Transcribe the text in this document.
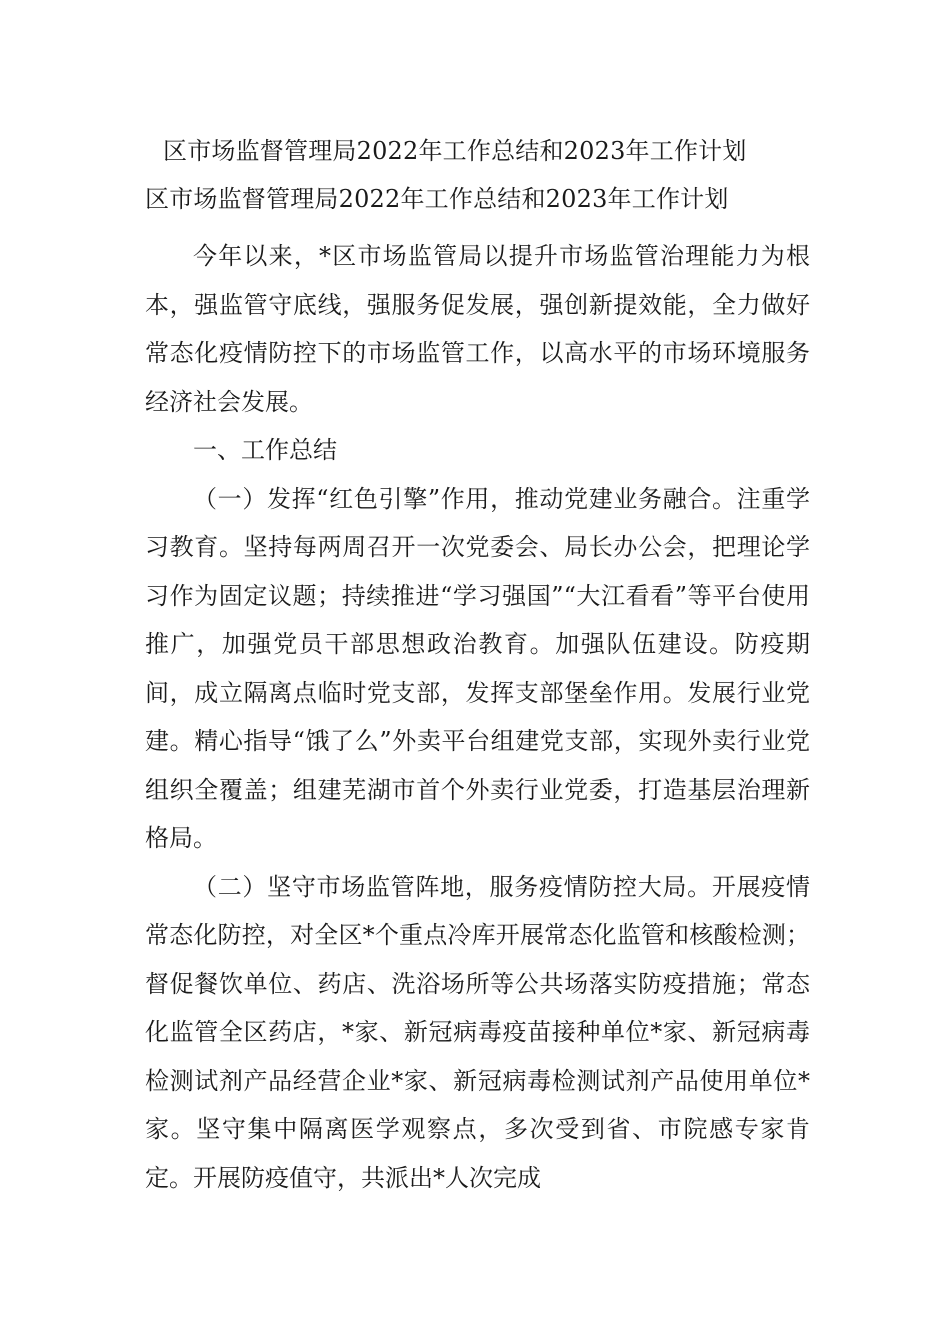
区市场监督管理局2022年工作总结和2023年工作计划
区市场监督管理局2022年工作总结和2023年工作计划

今年以来，*区市场监管局以提升市场监管治理能力为根本，强监管守底线，强服务促发展，强创新提效能，全力做好常态化疫情防控下的市场监管工作，以高水平的市场环境服务经济社会发展。

一、工作总结

（一）发挥“红色引擎”作用，推动党建业务融合。注重学习教育。坚持每两周召开一次党委会、局长办公会，把理论学习作为固定议题；持续推进“学习强国”“大江看看”等平台使用推广，加强党员干部思想政治教育。加强队伍建设。防疫期间，成立隔离点临时党支部，发挥支部堡垒作用。发展行业党建。精心指导“饿了么”外卖平台组建党支部，实现外卖行业党组织全覆盖；组建芜湖市首个外卖行业党委，打造基层治理新格局。

（二）坚守市场监管阵地，服务疫情防控大局。开展疫情常态化防控，对全区*个重点冷库开展常态化监管和核酸检测；督促餐饮单位、药店、洗浴场所等公共场落实防疫措施；常态化监管全区药店，*家、新冠病毒疫苗接种单位*家、新冠病毒检测试剂产品经营企业*家、新冠病毒检测试剂产品使用单位*家。坚守集中隔离医学观察点，多次受到省、市院感专家肯定。开展防疫值守，共派出*人次完成
